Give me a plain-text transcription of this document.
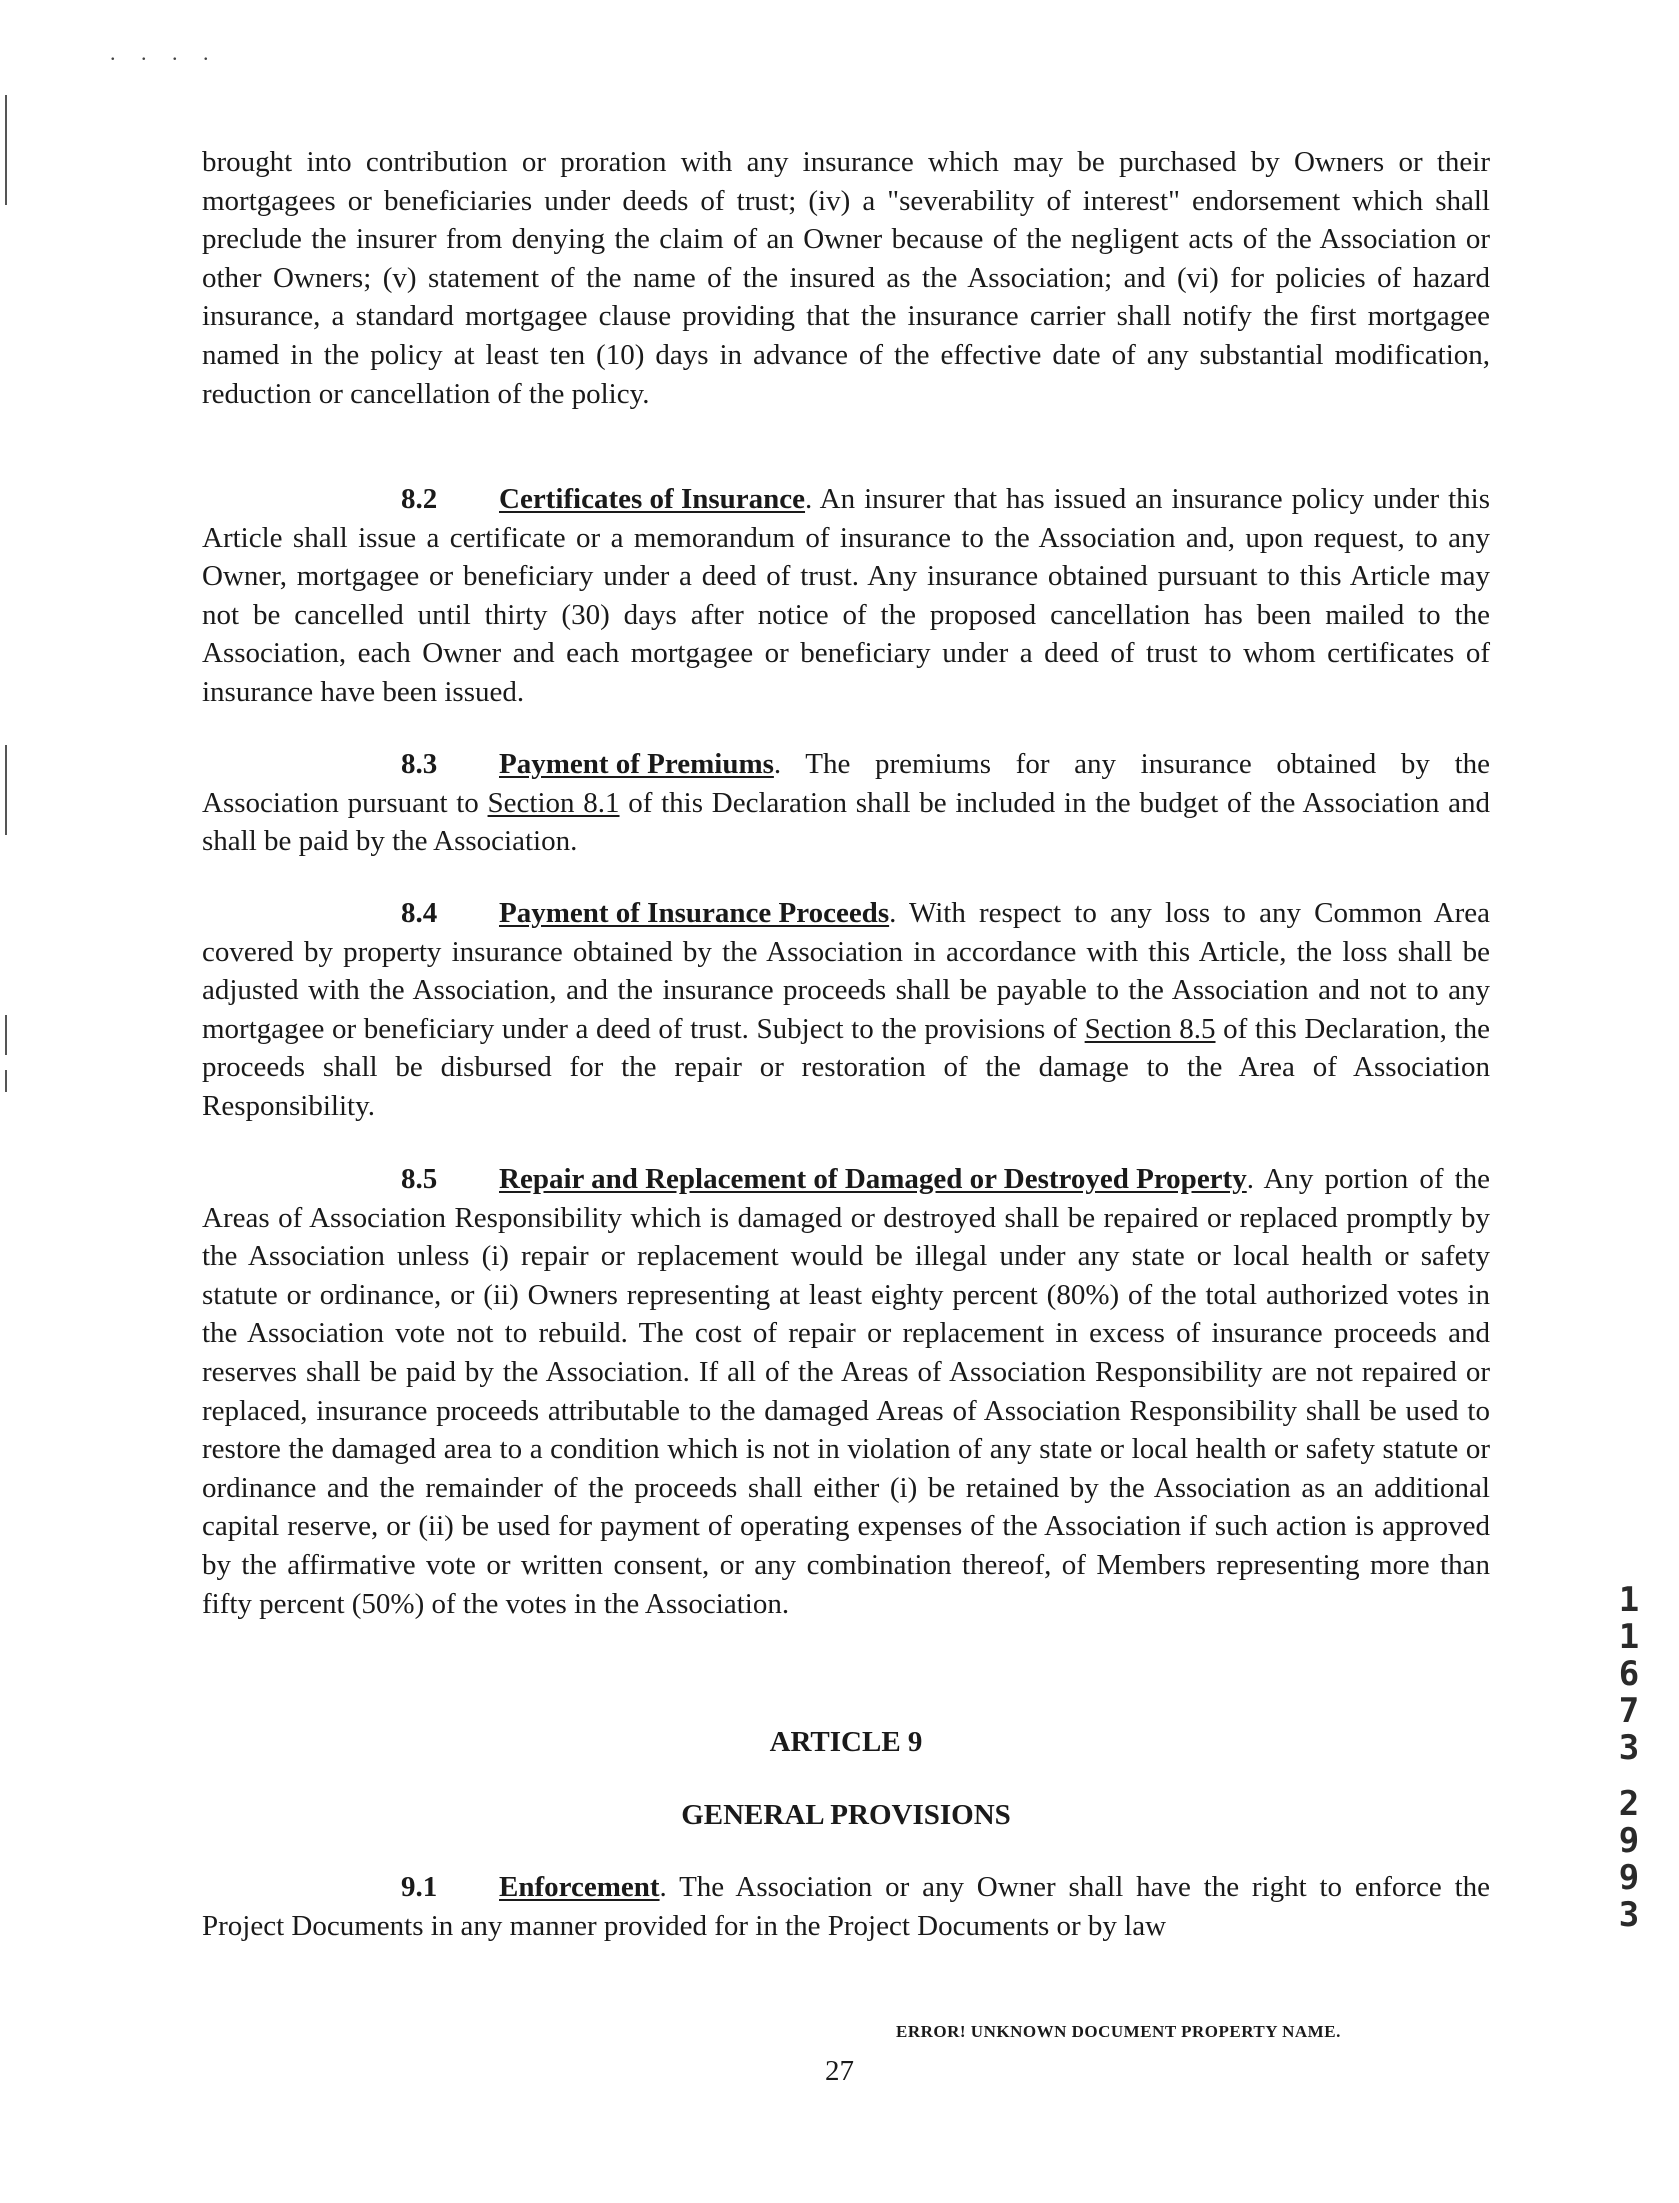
. . . .

brought into contribution or proration with any insurance which may be purchased by Owners or their mortgagees or beneficiaries under deeds of trust; (iv) a "severability of interest" endorsement which shall preclude the insurer from denying the claim of an Owner because of the negligent acts of the Association or other Owners; (v) statement of the name of the insured as the Association; and (vi) for policies of hazard insurance, a standard mortgagee clause providing that the insurance carrier shall notify the first mortgagee named in the policy at least ten (10) days in advance of the effective date of any substantial modification, reduction or cancellation of the policy.

8.2 Certificates of Insurance. An insurer that has issued an insurance policy under this Article shall issue a certificate or a memorandum of insurance to the Association and, upon request, to any Owner, mortgagee or beneficiary under a deed of trust. Any insurance obtained pursuant to this Article may not be cancelled until thirty (30) days after notice of the proposed cancellation has been mailed to the Association, each Owner and each mortgagee or beneficiary under a deed of trust to whom certificates of insurance have been issued.

8.3 Payment of Premiums. The premiums for any insurance obtained by the Association pursuant to Section 8.1 of this Declaration shall be included in the budget of the Association and shall be paid by the Association.

8.4 Payment of Insurance Proceeds. With respect to any loss to any Common Area covered by property insurance obtained by the Association in accordance with this Article, the loss shall be adjusted with the Association, and the insurance proceeds shall be payable to the Association and not to any mortgagee or beneficiary under a deed of trust. Subject to the provisions of Section 8.5 of this Declaration, the proceeds shall be disbursed for the repair or restoration of the damage to the Area of Association Responsibility.

8.5 Repair and Replacement of Damaged or Destroyed Property. Any portion of the Areas of Association Responsibility which is damaged or destroyed shall be repaired or replaced promptly by the Association unless (i) repair or replacement would be illegal under any state or local health or safety statute or ordinance, or (ii) Owners representing at least eighty percent (80%) of the total authorized votes in the Association vote not to rebuild. The cost of repair or replacement in excess of insurance proceeds and reserves shall be paid by the Association. If all of the Areas of Association Responsibility are not repaired or replaced, insurance proceeds attributable to the damaged Areas of Association Responsibility shall be used to restore the damaged area to a condition which is not in violation of any state or local health or safety statute or ordinance and the remainder of the proceeds shall either (i) be retained by the Association as an additional capital reserve, or (ii) be used for payment of operating expenses of the Association if such action is approved by the affirmative vote or written consent, or any combination thereof, of Members representing more than fifty percent (50%) of the votes in the Association.

ARTICLE 9
GENERAL PROVISIONS

9.1 Enforcement. The Association or any Owner shall have the right to enforce the Project Documents in any manner provided for in the Project Documents or by law

ERROR! UNKNOWN DOCUMENT PROPERTY NAME.

27

11673
2993
